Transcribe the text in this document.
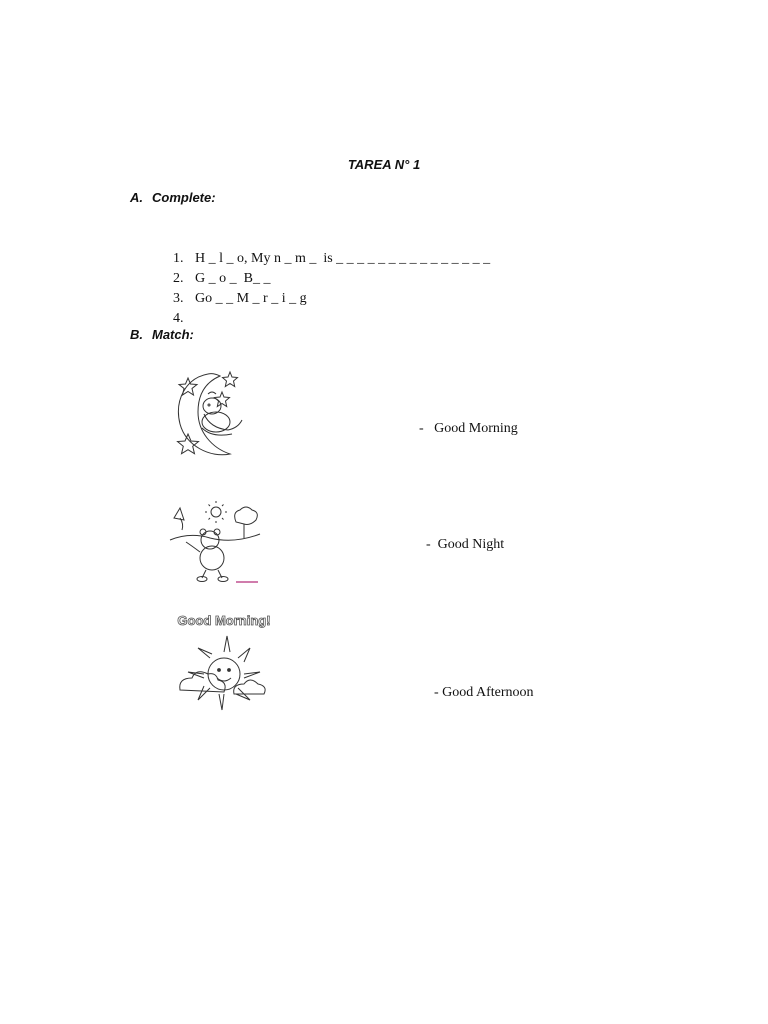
TAREA N° 1
A. Complete:

1. H _ l _ o, My n _ m _  is _ _ _ _ _ _ _ _ _ _ _ _ _ _ _

2. G _ o _  B_ _

3. Go _ _ M _ r _ i _ g

4.

B. Match:
Good Morning!

- Good Morning

- Good Night

- Good Afternoon
